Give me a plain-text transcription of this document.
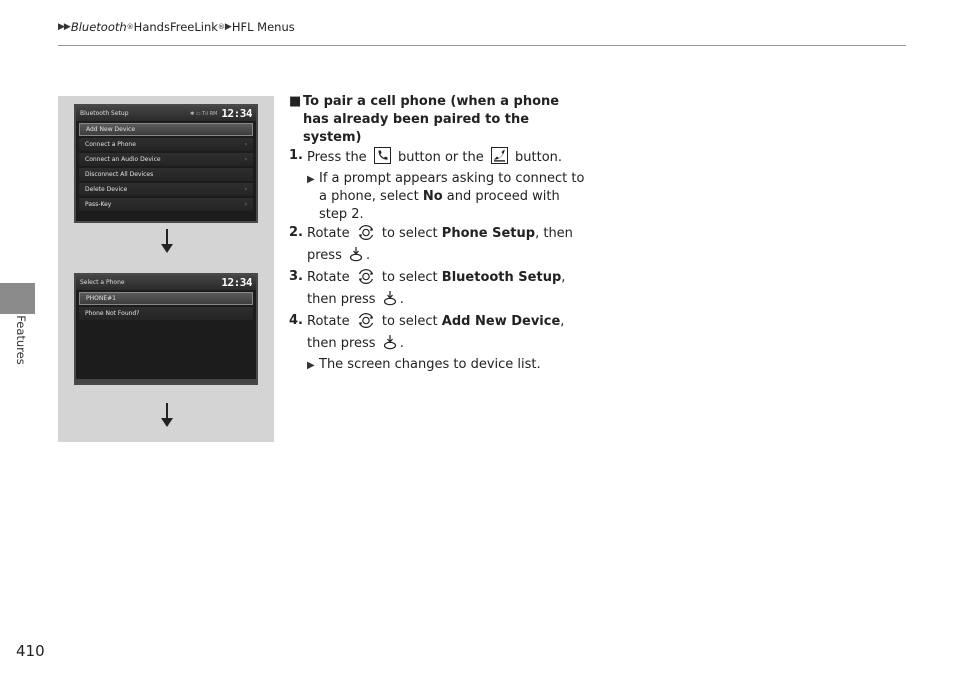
▶▶ Bluetooth ® HandsFreeLink ® ▶ HFL Menus
Features
410
Bluetooth Setup	✱ ▭ Tıl RM 12:34
Add New Device
Connect a Phone	›
Connect an Audio Device	›
Disconnect All Devices
Delete Device	›
Pass-Key	›
Select a Phone	12:34
PHONE#1
Phone Not Found?
■ To pair a cell phone (when a phone has already been paired to the system)
1. Press the button or the button.
▶ If a prompt appears asking to connect to a phone, select No and proceed with step 2.
2. Rotate to select Phone Setup, then press .
3. Rotate to select Bluetooth Setup, then press .
4. Rotate to select Add New Device, then press .
▶ The screen changes to device list.
